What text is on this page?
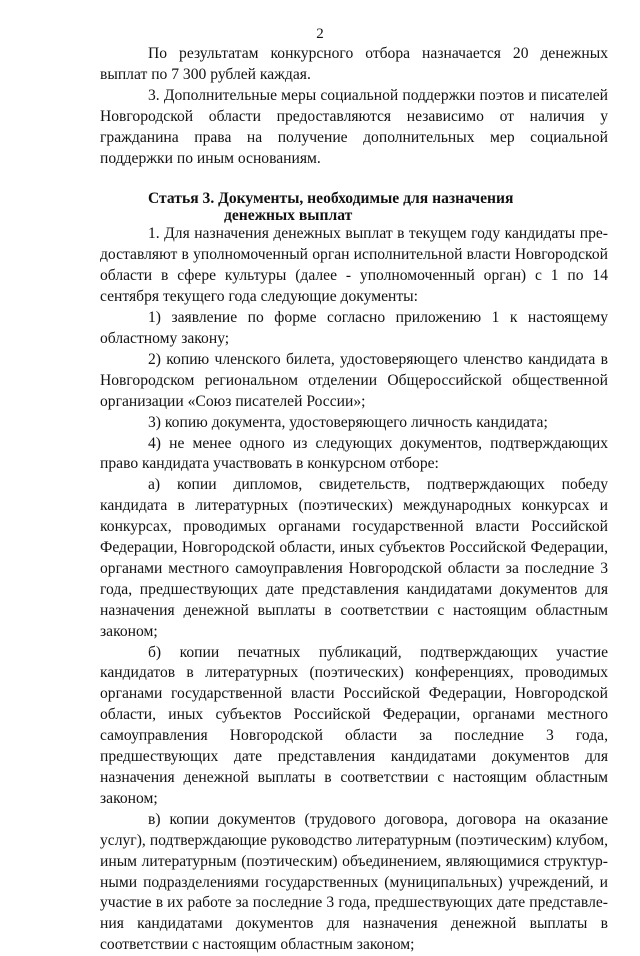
2

По результатам конкурсного отбора назначается 20 денежных выплат по 7 300 рублей каждая.

3. Дополнительные меры социальной поддержки поэтов и писателей Новгородской области предоставляются независимо от наличия у гражданина права на получение дополнительных мер социальной поддержки по иным основаниям.

Статья 3. Документы, необходимые для назначения
денежных выплат

1. Для назначения денежных выплат в текущем году кандидаты предоставляют в уполномоченный орган исполнительной власти Новгородской области в сфере культуры (далее - уполномоченный орган) с 1 по 14 сентября текущего года следующие документы:

1) заявление по форме согласно приложению 1 к настоящему областному закону;

2) копию членского билета, удостоверяющего членство кандидата в Новгородском региональном отделении Общероссийской общественной организации «Союз писателей России»;

3) копию документа, удостоверяющего личность кандидата;

4) не менее одного из следующих документов, подтверждающих право кандидата участвовать в конкурсном отборе:

а) копии дипломов, свидетельств, подтверждающих победу кандидата в литературных (поэтических) международных конкурсах и конкурсах, проводимых органами государственной власти Российской Федерации, Новгородской области, иных субъектов Российской Федерации, органами местного самоуправления Новгородской области за последние 3 года, предшествующих дате представления кандидатами документов для назначения денежной выплаты в соответствии с настоящим областным законом;

б) копии печатных публикаций, подтверждающих участие кандидатов в литературных (поэтических) конференциях, проводимых органами государственной власти Российской Федерации, Новгородской области, иных субъектов Российской Федерации, органами местного самоуправления Новгородской области за последние 3 года, предшествующих дате представления кандидатами документов для назначения денежной выплаты в соответствии с настоящим областным законом;

в) копии документов (трудового договора, договора на оказание услуг), подтверждающие руководство литературным (поэтическим) клубом, иным литературным (поэтическим) объединением, являющимися структурными подразделениями государственных (муниципальных) учреждений, и участие в их работе за последние 3 года, предшествующих дате представления кандидатами документов для назначения денежной выплаты в соответствии с настоящим областным законом;
